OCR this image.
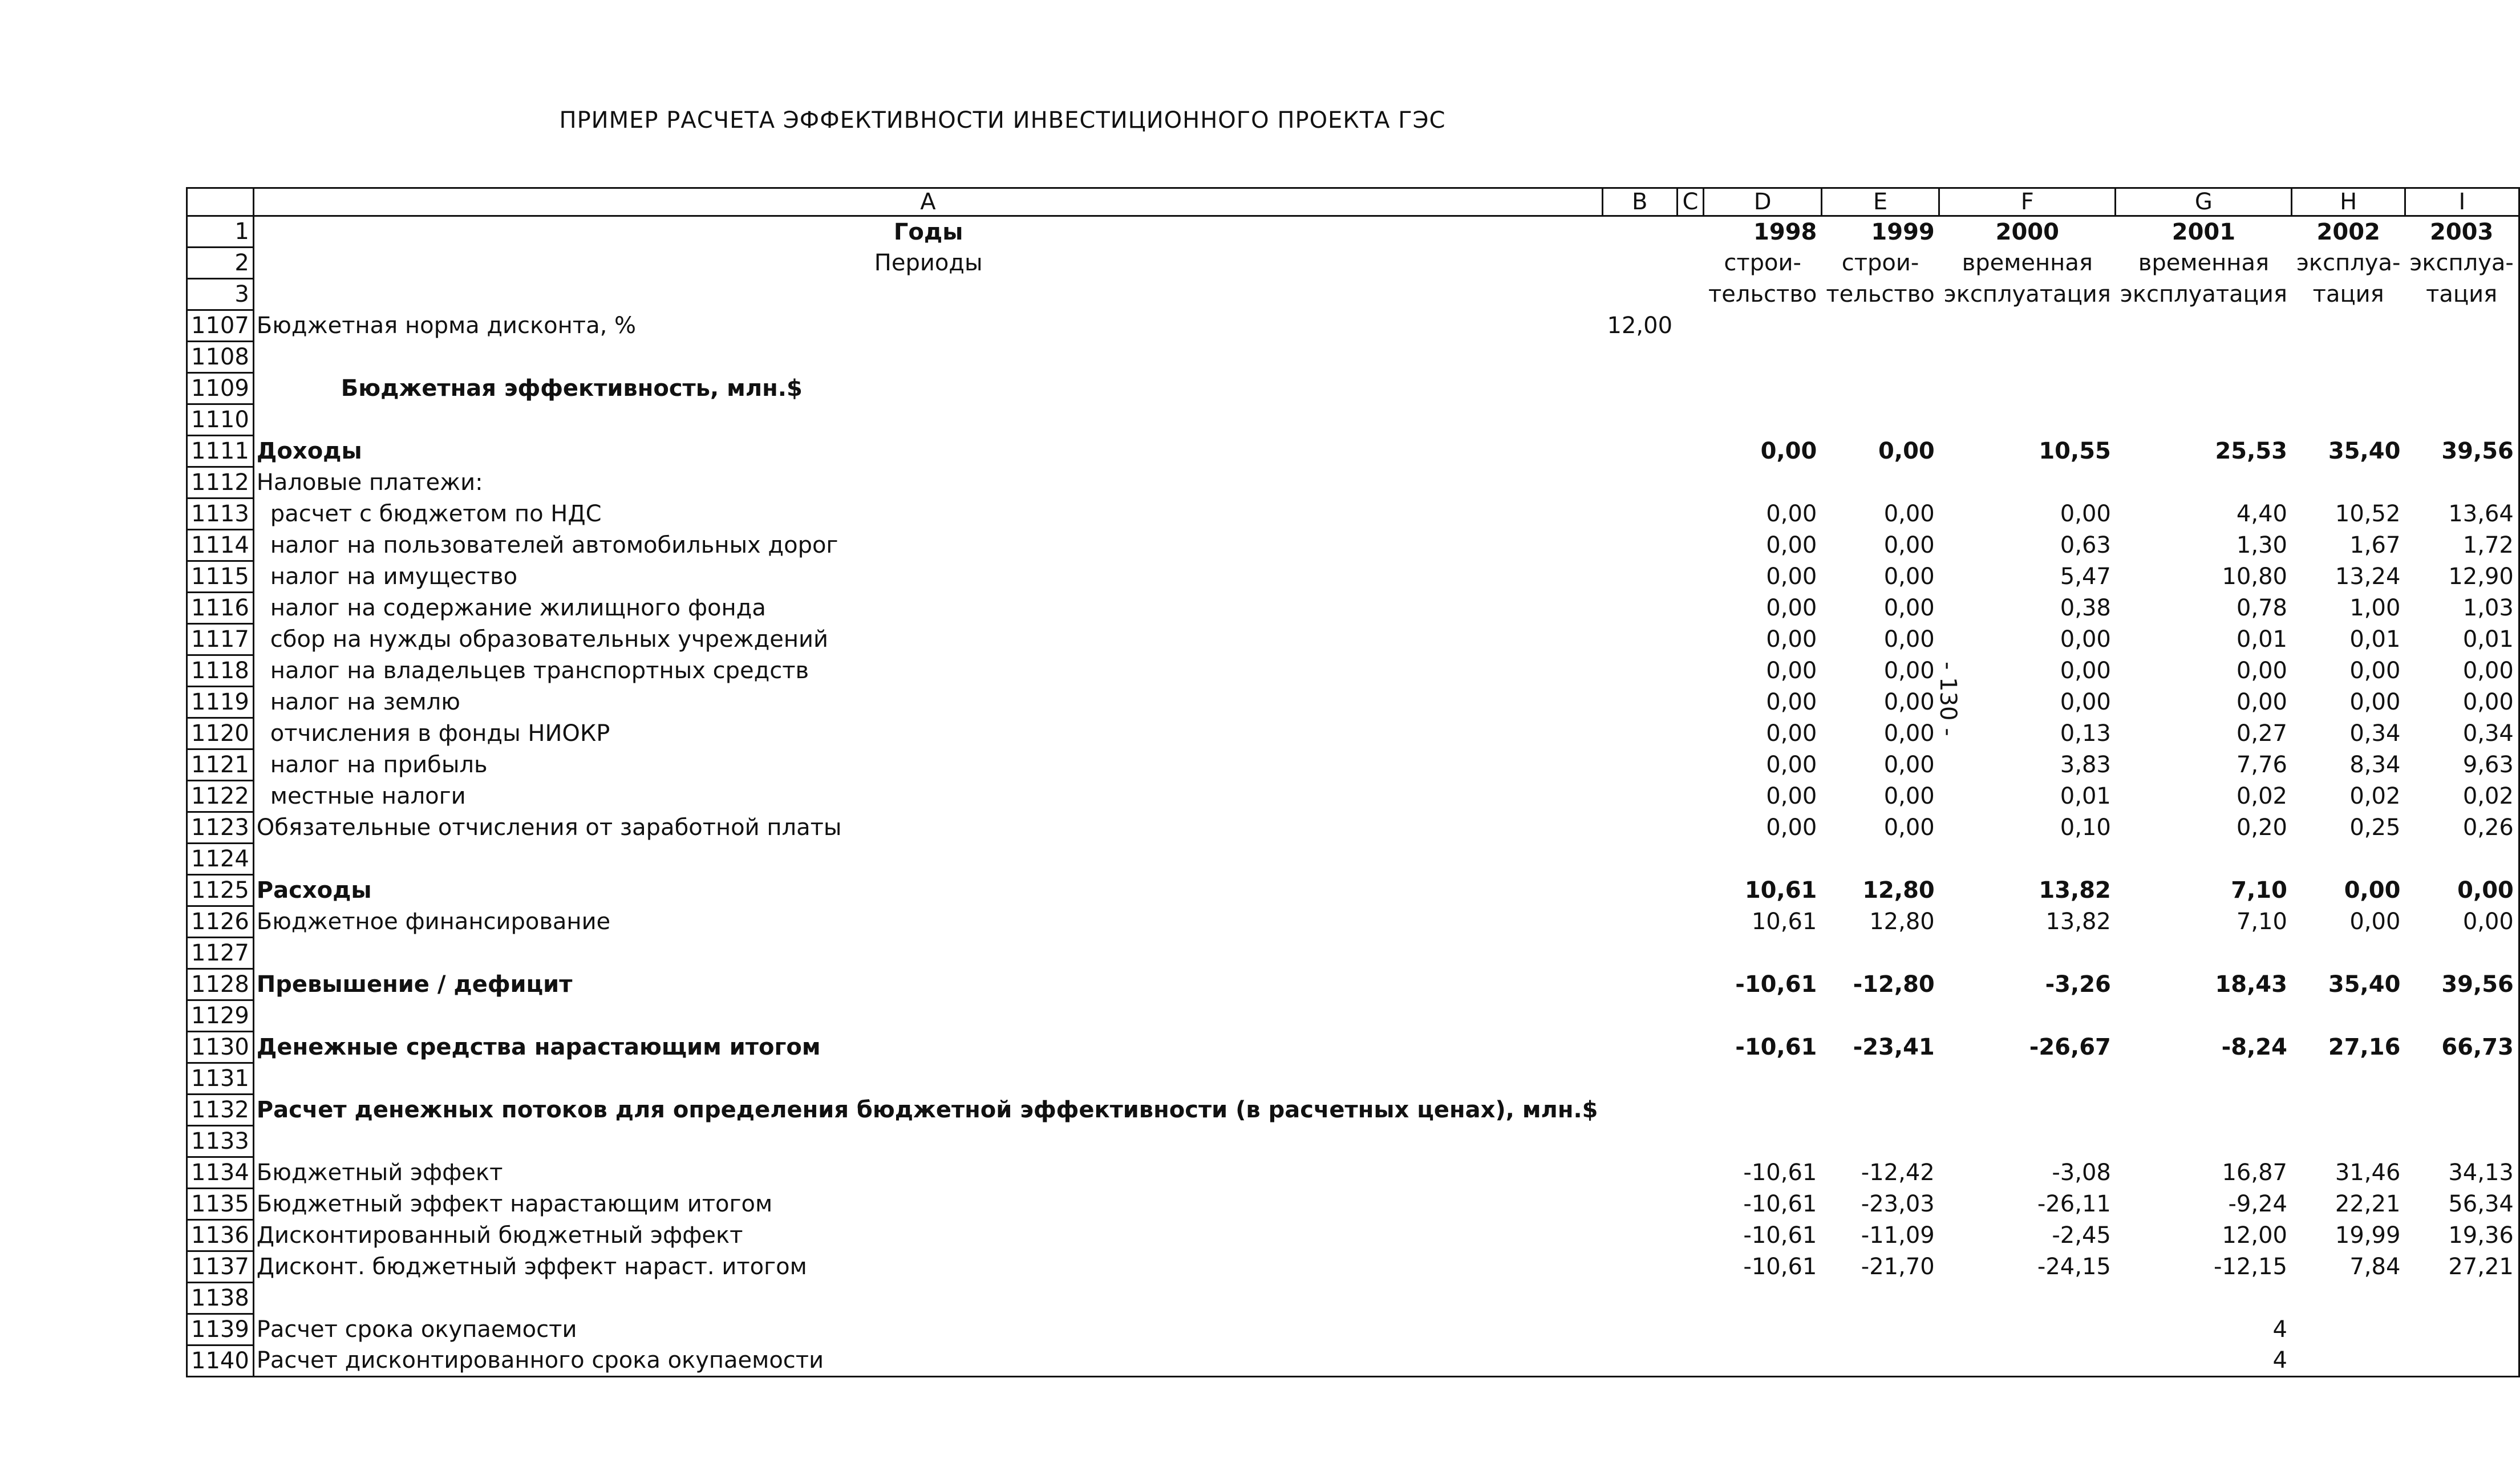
ПРИМЕР РАСЧЕТА ЭФФЕКТИВНОСТИ ИНВЕСТИЦИОННОГО ПРОЕКТА ГЭС
- 130 -
	A	B	C	D	E	F	G	H	I
1	Годы			1998	1999	2000	2001	2002	2003
2	Периоды			строи-	строи-	временная	временная	эксплуа-	эксплуа-
3				тельство	тельство	эксплуатация	эксплуатация	тация	тация
1107	Бюджетная норма дисконта, %	12,00							
1108									
1109	Бюджетная эффективность, млн.$								
1110									
1111	Доходы			0,00	0,00	10,55	25,53	35,40	39,56
1112	Наловые платежи:								
1113	расчет с бюджетом по НДС			0,00	0,00	0,00	4,40	10,52	13,64
1114	налог на пользователей автомобильных дорог			0,00	0,00	0,63	1,30	1,67	1,72
1115	налог на имущество			0,00	0,00	5,47	10,80	13,24	12,90
1116	налог на содержание жилищного фонда			0,00	0,00	0,38	0,78	1,00	1,03
1117	сбор на нужды образовательных учреждений			0,00	0,00	0,00	0,01	0,01	0,01
1118	налог на владельцев транспортных средств			0,00	0,00	0,00	0,00	0,00	0,00
1119	налог на землю			0,00	0,00	0,00	0,00	0,00	0,00
1120	отчисления в фонды НИОКР			0,00	0,00	0,13	0,27	0,34	0,34
1121	налог на прибыль			0,00	0,00	3,83	7,76	8,34	9,63
1122	местные налоги			0,00	0,00	0,01	0,02	0,02	0,02
1123	Обязательные отчисления от заработной платы			0,00	0,00	0,10	0,20	0,25	0,26
1124									
1125	Расходы			10,61	12,80	13,82	7,10	0,00	0,00
1126	Бюджетное финансирование			10,61	12,80	13,82	7,10	0,00	0,00
1127									
1128	Превышение / дефицит			-10,61	-12,80	-3,26	18,43	35,40	39,56
1129									
1130	Денежные средства нарастающим итогом			-10,61	-23,41	-26,67	-8,24	27,16	66,73
1131									
1132	Расчет денежных потоков для определения бюджетной эффективности (в расчетных ценах), млн.$								
1133									
1134	Бюджетный эффект			-10,61	-12,42	-3,08	16,87	31,46	34,13
1135	Бюджетный эффект нарастающим итогом			-10,61	-23,03	-26,11	-9,24	22,21	56,34
1136	Дисконтированный бюджетный эффект			-10,61	-11,09	-2,45	12,00	19,99	19,36
1137	Дисконт. бюджетный эффект нараст. итогом			-10,61	-21,70	-24,15	-12,15	7,84	27,21
1138									
1139	Расчет срока окупаемости						4		
1140	Расчет дисконтированного срока окупаемости						4		
